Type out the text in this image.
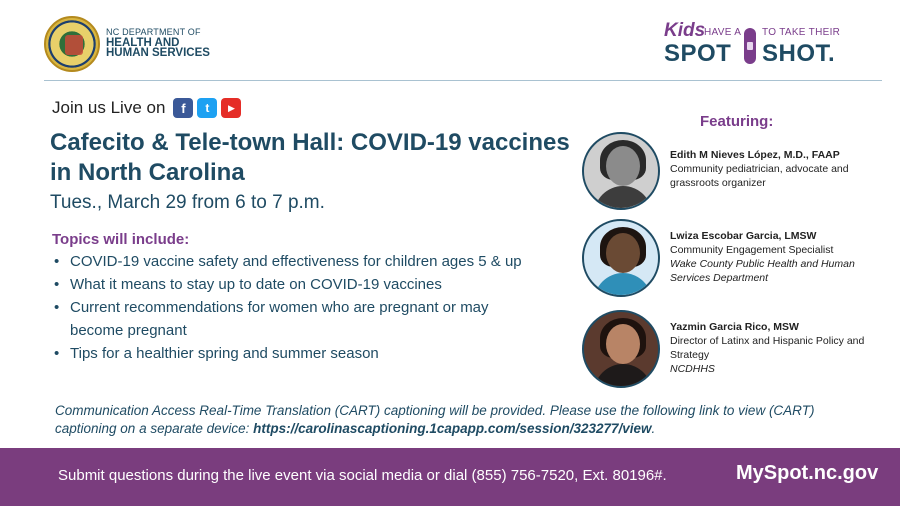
NC DEPARTMENT OF
HEALTH AND
HUMAN SERVICES
Kids
HAVE A TO TAKE THEIR
SPOT SHOT.
Join us Live on	f	t	▶
Cafecito & Tele-town Hall: COVID-19 vaccines in North Carolina
Tues., March 29 from 6 to 7 p.m.
Topics will include:
• COVID-19 vaccine safety and effectiveness for children ages 5 & up
• What it means to stay up to date on COVID-19 vaccines
• Current recommendations for women who are pregnant or may become pregnant
• Tips for a healthier spring and summer season
Featuring:
Edith M Nieves López, M.D., FAAP
Community pediatrician, advocate and grassroots organizer
Lwiza Escobar Garcia, LMSW
Community Engagement Specialist
Wake County Public Health and Human Services Department
Yazmin Garcia Rico, MSW
Director of Latinx and Hispanic Policy and Strategy
NCDHHS
Communication Access Real-Time Translation (CART) captioning will be provided. Please use the following link to view (CART) captioning on a separate device: https://carolinascaptioning.1capapp.com/session/323277/view.
Submit questions during the live event via social media or dial (855) 756-7520, Ext. 80196#.	MySpot.nc.gov
